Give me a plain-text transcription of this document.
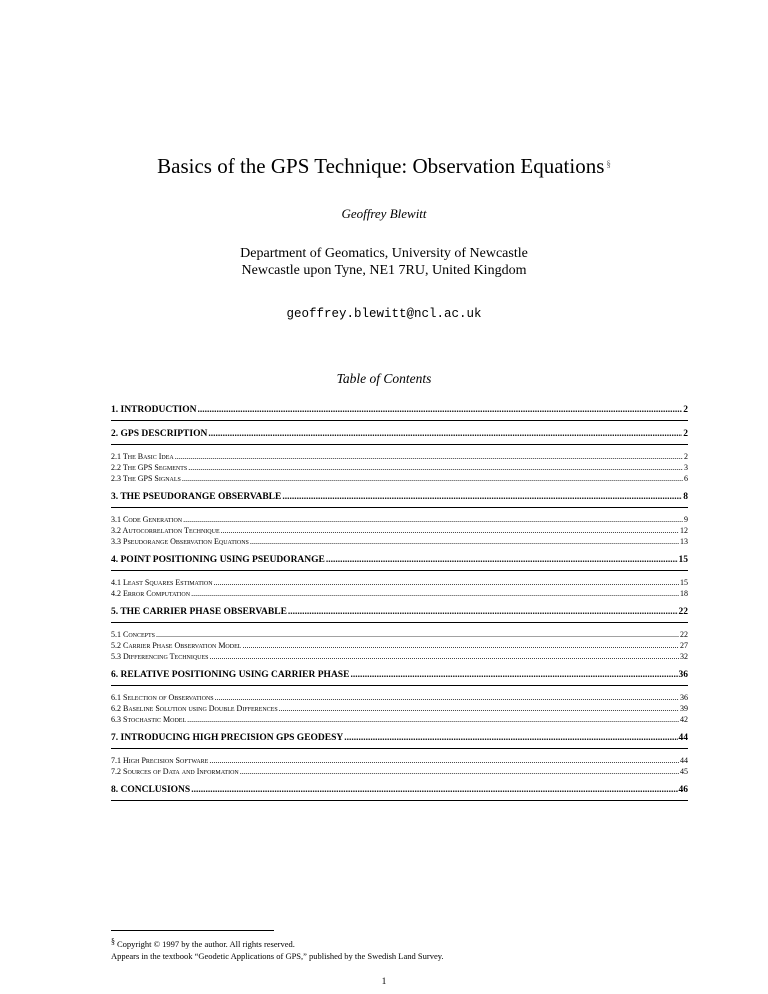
Basics of the GPS Technique: Observation Equations §
Geoffrey Blewitt
Department of Geomatics, University of Newcastle
Newcastle upon Tyne, NE1 7RU, United Kingdom
geoffrey.blewitt@ncl.ac.uk
Table of Contents
1. INTRODUCTION .....	2
2. GPS DESCRIPTION .....	2
2.1 The Basic Idea .....	2
2.2 The GPS Segments .....	3
2.3 The GPS Signals .....	6
3. THE PSEUDORANGE OBSERVABLE .....	8
3.1 Code Generation .....	9
3.2 Autocorrelation Technique .....	12
3.3 Pseudorange Observation Equations .....	13
4. POINT POSITIONING USING PSEUDORANGE .....	15
4.1 Least Squares Estimation .....	15
4.2 Error Computation .....	18
5. THE CARRIER PHASE OBSERVABLE .....	22
5.1 Concepts .....	22
5.2 Carrier Phase Observation Model .....	27
5.3 Differencing Techniques .....	32
6. RELATIVE POSITIONING USING CARRIER PHASE .....	36
6.1 Selection of Observations .....	36
6.2 Baseline Solution using Double Differences .....	39
6.3 Stochastic Model .....	42
7. INTRODUCING HIGH PRECISION GPS GEODESY .....	44
7.1 High Precision Software .....	44
7.2 Sources of Data and Information .....	45
8. CONCLUSIONS .....	46
§ Copyright © 1997 by the author. All rights reserved.
Appears in the textbook “Geodetic Applications of GPS,” published by the Swedish Land Survey.
1
